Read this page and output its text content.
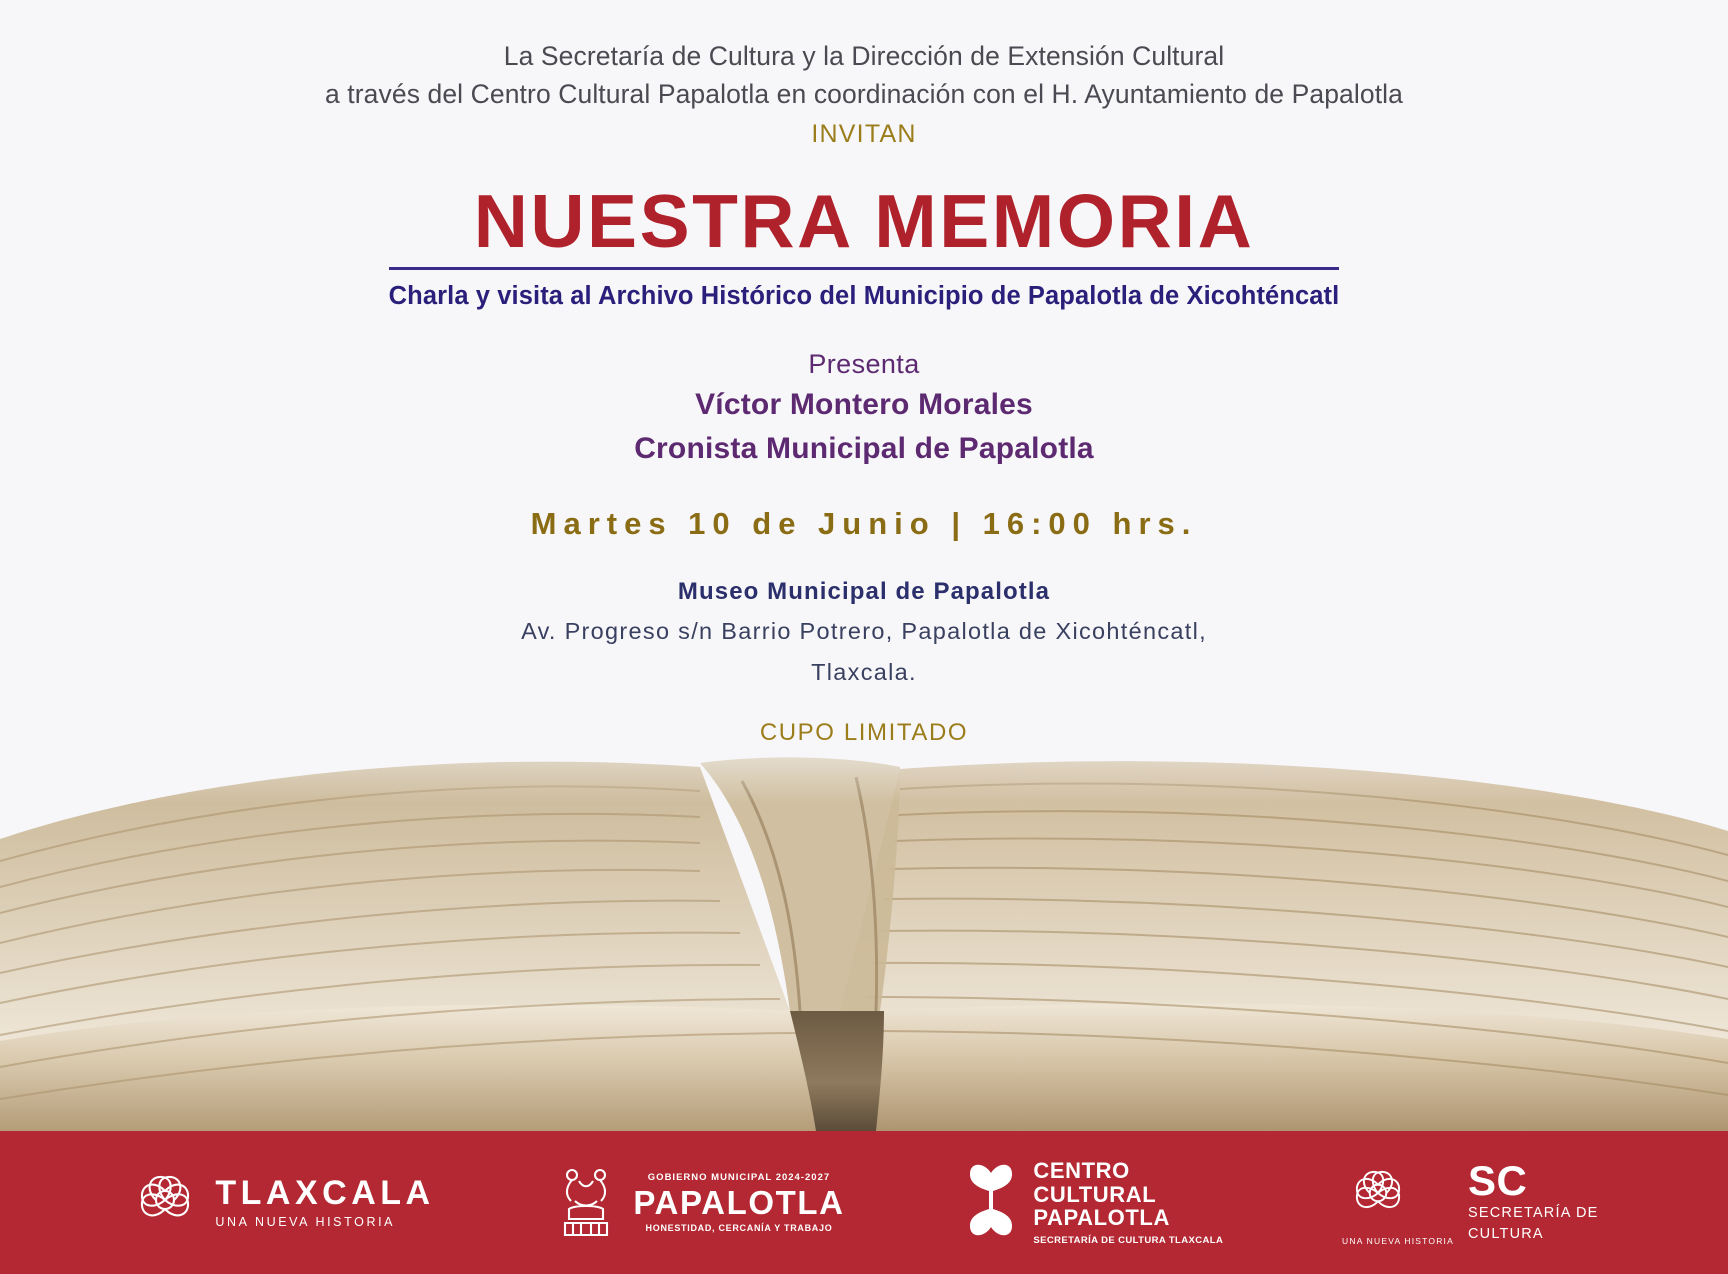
La Secretaría de Cultura y la Dirección de Extensión Cultural
a través del Centro Cultural Papalotla en coordinación con el H. Ayuntamiento de Papalotla
INVITAN
NUESTRA MEMORIA
Charla y visita al Archivo Histórico del Municipio de Papalotla de Xicohténcatl
Presenta
Víctor Montero Morales
Cronista Municipal de Papalotla
Martes 10 de Junio | 16:00 hrs.
Museo Municipal de Papalotla
Av. Progreso s/n Barrio Potrero, Papalotla de Xicohténcatl,
Tlaxcala.
CUPO LIMITADO
TLAXCALA
UNA NUEVA HISTORIA
GOBIERNO MUNICIPAL 2024-2027
PAPALOTLA
HONESTIDAD, CERCANÍA Y TRABAJO
CENTRO
CULTURAL
PAPALOTLA
SECRETARÍA DE CULTURA TLAXCALA	UNA NUEVA HISTORIA
SC
SECRETARÍA DE
CULTURA
